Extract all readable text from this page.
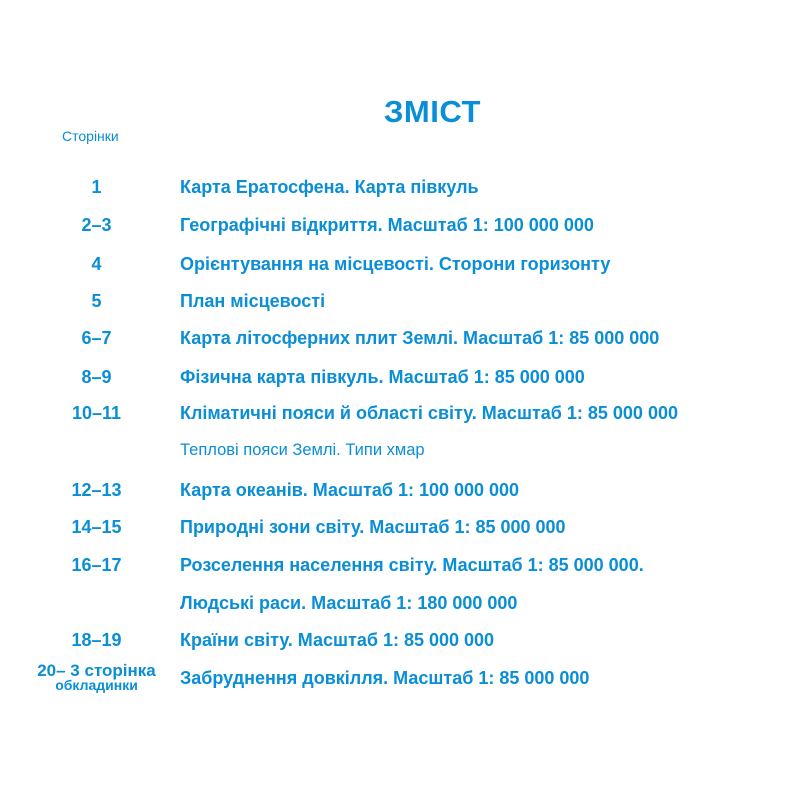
ЗМІСТ
Сторінки
1	Карта Ератосфена. Карта півкуль
2–3	Географічні відкриття. Масштаб 1: 100 000 000
4	Орієнтування на місцевості. Сторони горизонту
5	План місцевості
6–7	Карта літосферних плит Землі. Масштаб 1: 85 000 000
8–9	Фізична карта півкуль. Масштаб 1: 85 000 000
10–11	Кліматичні пояси й області світу. Масштаб 1: 85 000 000
Теплові пояси Землі. Типи хмар
12–13	Карта океанів. Масштаб 1: 100 000 000
14–15	Природні зони світу. Масштаб 1: 85 000 000
16–17	Розселення населення світу. Масштаб 1: 85 000 000.
Людські раси. Масштаб 1: 180 000 000
18–19	Країни світу. Масштаб 1: 85 000 000
20– 3 сторінка
обкладинки	Забруднення довкілля. Масштаб 1: 85 000 000
